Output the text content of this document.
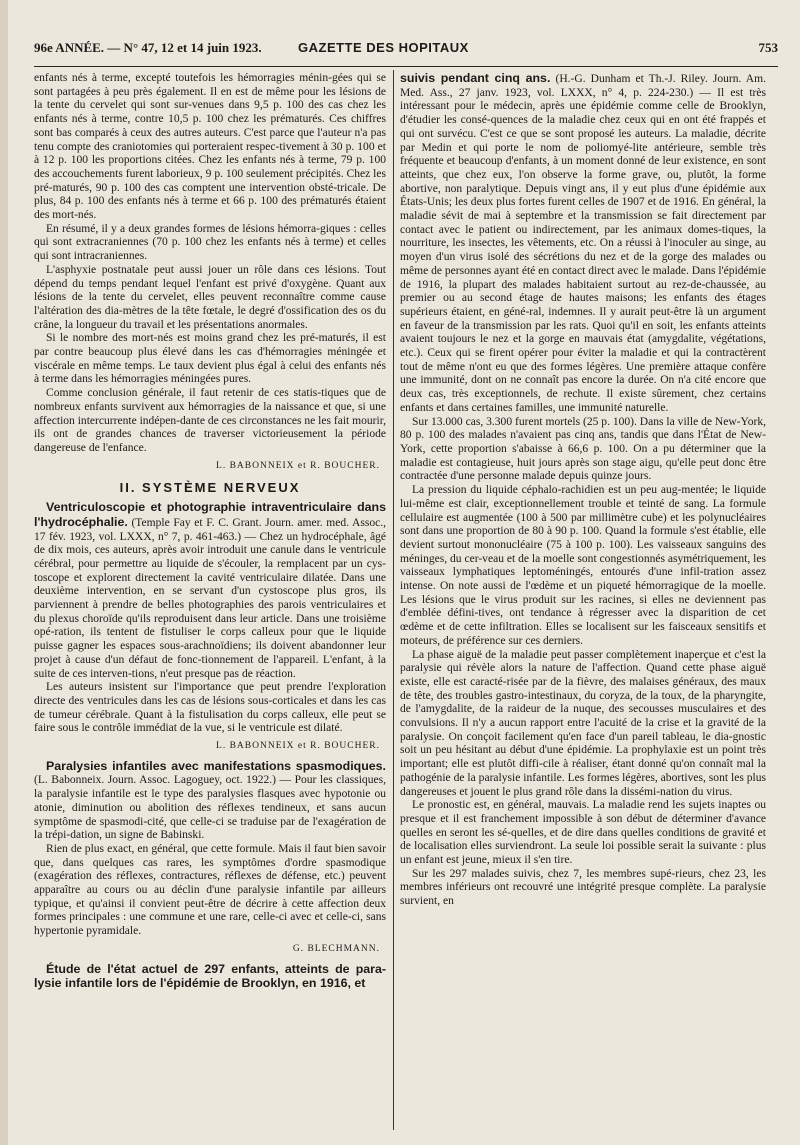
96e ANNÉE. — N° 47, 12 et 14 juin 1923.	GAZETTE DES HOPITAUX	753

enfants nés à terme, excepté toutefois les hémorragies ménin-gées qui se sont partagées à peu près également. Il en est de même pour les lésions de la tente du cervelet qui sont sur-venues dans 9,5 p. 100 des cas chez les enfants nés à terme, contre 10,5 p. 100 chez les prématurés. Ces chiffres sont bas comparés à ceux des autres auteurs. C'est parce que l'auteur n'a pas tenu compte des craniotomies qui porteraient respec-tivement à 30 p. 100 et à 12 p. 100 les proportions citées. Chez les enfants nés à terme, 79 p. 100 des accouchements furent laborieux, 9 p. 100 seulement précipités. Chez les pré-maturés, 90 p. 100 des cas comptent une intervention obsté-tricale. De plus, 84 p. 100 des enfants nés à terme et 66 p. 100 des prématurés étaient des mort-nés.

En résumé, il y a deux grandes formes de lésions hémorra-giques : celles qui sont extracraniennes (70 p. 100 chez les enfants nés à terme) et celles qui sont intracraniennes.

L'asphyxie postnatale peut aussi jouer un rôle dans ces lésions. Tout dépend du temps pendant lequel l'enfant est privé d'oxygène. Quant aux lésions de la tente du cervelet, elles peuvent reconnaître comme cause l'altération des dia-mètres de la tête fœtale, le degré d'ossification des os du crâne, la longueur du travail et les présentations anormales.

Si le nombre des mort-nés est moins grand chez les pré-maturés, il est par contre beaucoup plus élevé dans les cas d'hémorragies méningée et viscérale en même temps. Le taux devient plus égal à celui des enfants nés à terme dans les hémorragies méningées pures.

Comme conclusion générale, il faut retenir de ces statis-tiques que de nombreux enfants survivent aux hémorragies de la naissance et que, si une affection intercurrente indépen-dante de ces circonstances ne les fait mourir, ils ont de grandes chances de traverser victorieusement la période dangereuse de l'enfance.

L. BABONNEIX et R. BOUCHER.

II. SYSTÈME NERVEUX

Ventriculoscopie et photographie intraventriculaire dans l'hydrocéphalie. (Temple Fay et F. C. Grant. Journ. amer. med. Assoc., 17 fév. 1923, vol. LXXX, n° 7, p. 461-463.) — Chez un hydrocéphale, âgé de dix mois, ces auteurs, après avoir introduit une canule dans le ventricule cérébral, pour permettre au liquide de s'écouler, la remplacent par un cys-toscope et explorent directement la cavité ventriculaire dilatée. Dans une deuxième intervention, en se servant d'un cystoscope plus gros, ils parviennent à prendre de belles photographies des parois ventriculaires et du plexus choroïde qu'ils reproduisent dans leur article. Dans une troisième opé-ration, ils tentent de fistuliser le corps calleux pour que le liquide puisse gagner les espaces sous-arachnoïdiens; ils doivent abandonner leur projet à cause d'un défaut de fonc-tionnement de l'appareil. L'enfant, à la suite de ces interven-tions, n'eut presque pas de réaction.

Les auteurs insistent sur l'importance que peut prendre l'exploration directe des ventricules dans les cas de lésions sous-corticales et dans les cas de tumeur cérébrale. Quant à la fistulisation du corps calleux, elle peut se faire sous le contrôle immédiat de la vue, si le ventricule est dilaté.

L. BABONNEIX et R. BOUCHER.

Paralysies infantiles avec manifestations spasmodiques. (L. Babonneix. Journ. Assoc. Lagoguey, oct. 1922.) — Pour les classiques, la paralysie infantile est le type des paralysies flasques avec hypotonie ou atonie, diminution ou abolition des réflexes tendineux, et sans aucun symptôme de spasmodi-cité, que celle-ci se traduise par de l'exagération de la trépi-dation, un signe de Babinski.

Rien de plus exact, en général, que cette formule. Mais il faut bien savoir que, dans quelques cas rares, les symptômes d'ordre spasmodique (exagération des réflexes, contractures, réflexes de défense, etc.) peuvent apparaître au cours ou au déclin d'une paralysie infantile par ailleurs typique, et qu'ainsi il convient peut-être de décrire à cette affection deux formes principales : une commune et une rare, celle-ci avec et celle-ci, sans hypertonie pyramidale.

G. BLECHMANN.

Étude de l'état actuel de 297 enfants, atteints de para-lysie infantile lors de l'épidémie de Brooklyn, en 1916, et

suivis pendant cinq ans. (H.-G. Dunham et Th.-J. Riley. Journ. Am. Med. Ass., 27 janv. 1923, vol. LXXX, n° 4, p. 224-230.) — Il est très intéressant pour le médecin, après une épidémie comme celle de Brooklyn, d'étudier les consé-quences de la maladie chez ceux qui en ont été frappés et qui ont survécu. C'est ce que se sont proposé les auteurs. La maladie, décrite par Medin et qui porte le nom de poliomyé-lite antérieure, semble très fréquente et beaucoup d'enfants, à un moment donné de leur existence, en sont atteints, que chez eux, l'on observe la forme grave, ou, plutôt, la forme abortive, non paralytique. Depuis vingt ans, il y eut plus d'une épidémie aux États-Unis; les deux plus fortes furent celles de 1907 et de 1916. En général, la maladie sévit de mai à septembre et la transmission se fait directement par contact avec le patient ou indirectement, par les animaux domes-tiques, la nourriture, les insectes, les vêtements, etc. On a réussi à l'inoculer au singe, au moyen d'un virus isolé des sécrétions du nez et de la gorge des malades ou même de personnes ayant été en contact direct avec le malade. Dans l'épidémie de 1916, la plupart des malades habitaient surtout au rez-de-chaussée, au premier ou au second étage de hautes maisons; les enfants des étages supérieurs étaient, en géné-ral, indemnes. Il y aurait peut-être là un argument en faveur de la transmission par les rats. Quoi qu'il en soit, les enfants atteints avaient toujours le nez et la gorge en mauvais état (amygdalite, végétations, etc.). Ceux qui se firent opérer pour éviter la maladie et qui la contractèrent tout de même n'ont eu que des formes légères. Une première attaque confère une immunité, dont on ne connaît pas encore la durée. On n'a cité encore que deux cas, très exceptionnels, de rechute. Il existe sûrement, chez certains enfants et dans certaines familles, une immunité naturelle.

Sur 13.000 cas, 3.300 furent mortels (25 p. 100). Dans la ville de New-York, 80 p. 100 des malades n'avaient pas cinq ans, tandis que dans l'État de New-York, cette proportion s'abaisse à 66,6 p. 100. On a pu déterminer que la maladie est contagieuse, huit jours après son stage aigu, qu'elle peut donc être contractée d'une personne malade depuis quinze jours.

La pression du liquide céphalo-rachidien est un peu aug-mentée; le liquide lui-même est clair, exceptionnellement trouble et teinté de sang. La formule cellulaire est augmentée (100 à 500 par millimètre cube) et les polynucléaires sont dans une proportion de 80 à 90 p. 100. Quand la formule s'est établie, elle devient surtout mononucléaire (75 à 100 p. 100). Les vaisseaux sanguins des méninges, du cer-veau et de la moelle sont congestionnés asymétriquement, les vaisseaux lymphatiques leptoméningés, entourés d'une infil-tration assez intense. On note aussi de l'œdème et un piqueté hémorragique de la moelle. Les lésions que le virus produit sur les racines, si elles ne deviennent pas d'emblée défini-tives, ont tendance à régresser avec la disparition de cet œdème et de cette infiltration. Elles se localisent sur les faisceaux sensitifs et moteurs, de préférence sur ces derniers.

La phase aiguë de la maladie peut passer complètement inaperçue et c'est la paralysie qui révèle alors la nature de l'affection. Quand cette phase aiguë existe, elle est caracté-risée par de la fièvre, des malaises généraux, des maux de tête, des troubles gastro-intestinaux, du coryza, de la toux, de la pharyngite, de l'amygdalite, de la raideur de la nuque, des secousses musculaires et des convulsions. Il n'y a aucun rapport entre l'acuité de la crise et la gravité de la paralysie. On conçoit facilement qu'en face d'un pareil tableau, le dia-gnostic soit un peu hésitant au début d'une épidémie. La prophylaxie est un point très important; elle est plutôt diffi-cile à réaliser, étant donné qu'on connaît mal la pathogénie de la paralysie infantile. Les formes légères, abortives, sont les plus dangereuses et jouent le plus grand rôle dans la dissémi-nation du virus.

Le pronostic est, en général, mauvais. La maladie rend les sujets inaptes ou presque et il est franchement impossible à son début de déterminer d'avance quelles en seront les sé-quelles, et de dire dans quelles conditions de gravité et de localisation elles surviendront. La seule loi possible serait la suivante : plus un enfant est jeune, mieux il s'en tire.

Sur les 297 malades suivis, chez 7, les membres supé-rieurs, chez 23, les membres inférieurs ont recouvré une intégrité presque complète. La paralysie survient, en
